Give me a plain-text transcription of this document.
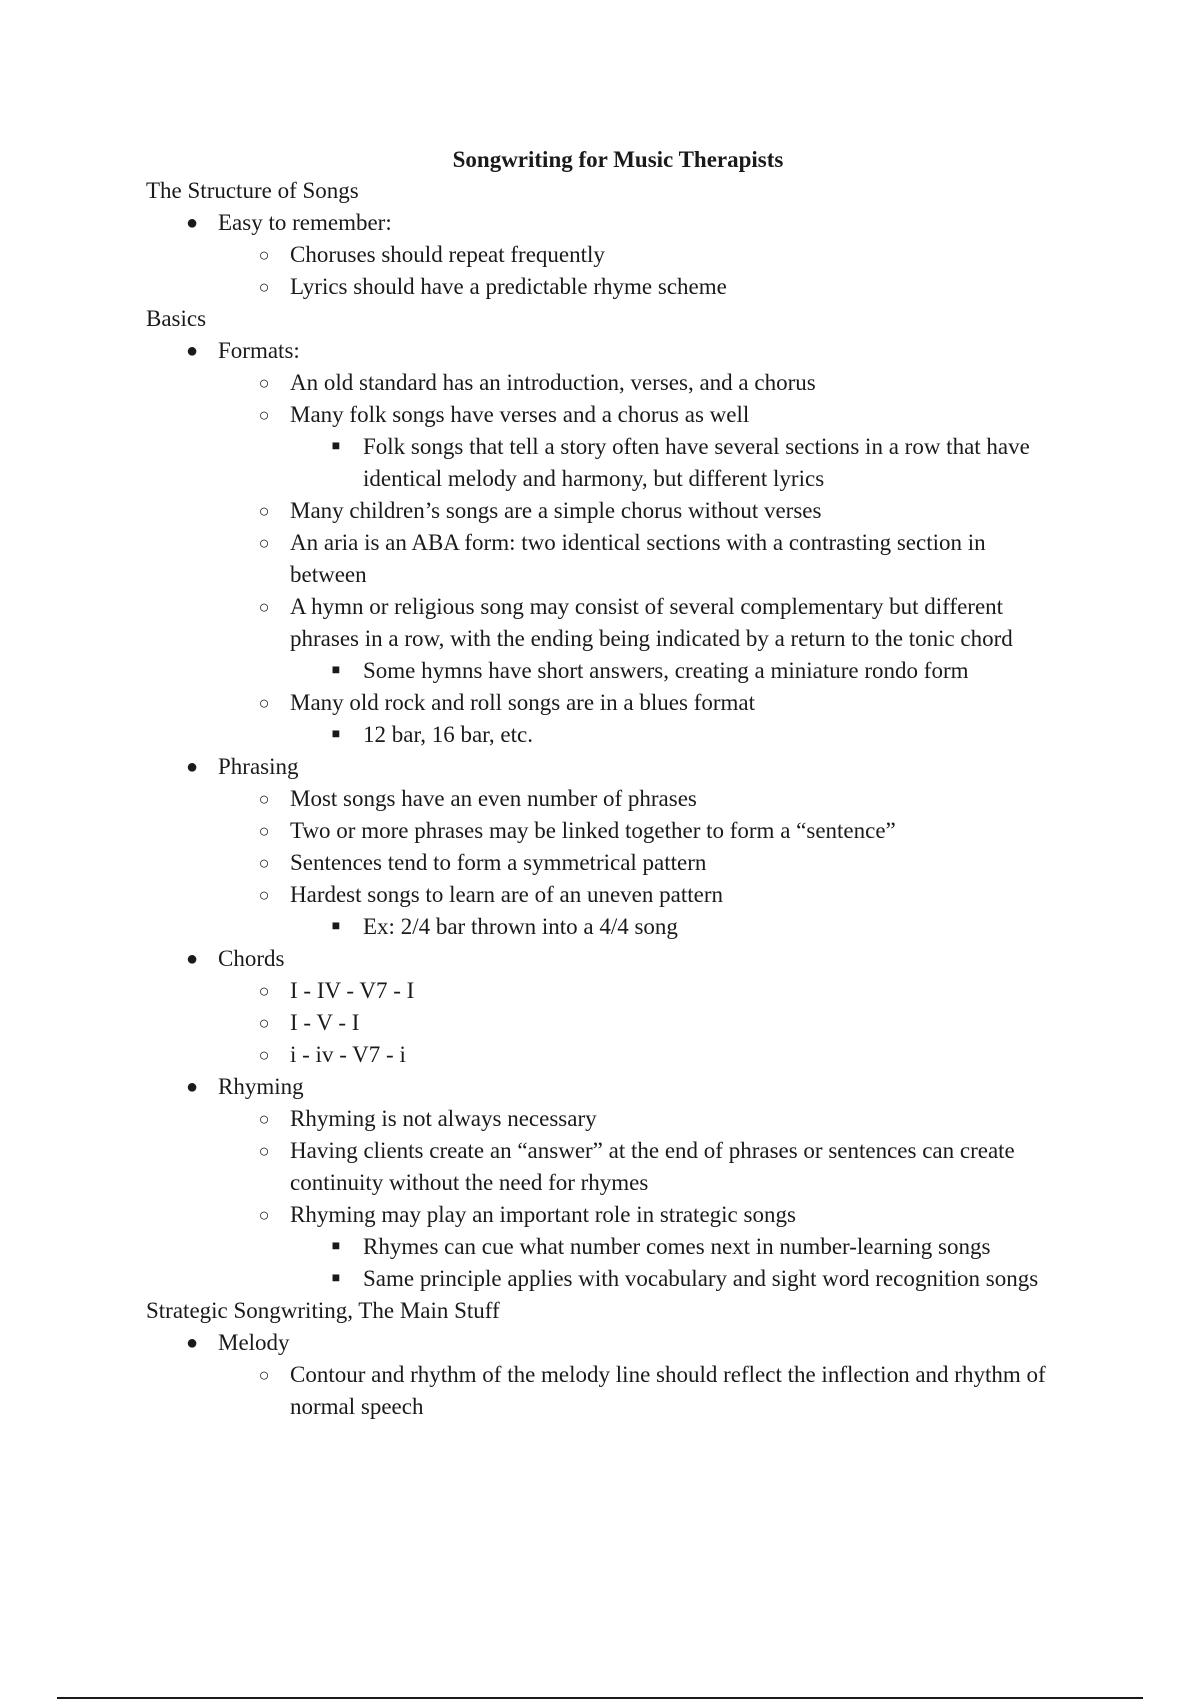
Songwriting for Music Therapists
The Structure of Songs
● Easy to remember:
○ Choruses should repeat frequently
○ Lyrics should have a predictable rhyme scheme
Basics
● Formats:
○ An old standard has an introduction, verses, and a chorus
○ Many folk songs have verses and a chorus as well
■ Folk songs that tell a story often have several sections in a row that have
identical melody and harmony, but different lyrics
○ Many children’s songs are a simple chorus without verses
○ An aria is an ABA form: two identical sections with a contrasting section in
between
○ A hymn or religious song may consist of several complementary but different
phrases in a row, with the ending being indicated by a return to the tonic chord
■ Some hymns have short answers, creating a miniature rondo form
○ Many old rock and roll songs are in a blues format
■ 12 bar, 16 bar, etc.
● Phrasing
○ Most songs have an even number of phrases
○ Two or more phrases may be linked together to form a “sentence”
○ Sentences tend to form a symmetrical pattern
○ Hardest songs to learn are of an uneven pattern
■ Ex: 2/4 bar thrown into a 4/4 song
● Chords
○ I - IV - V7 - I
○ I - V - I
○ i - iv - V7 - i
● Rhyming
○ Rhyming is not always necessary
○ Having clients create an “answer” at the end of phrases or sentences can create
continuity without the need for rhymes
○ Rhyming may play an important role in strategic songs
■ Rhymes can cue what number comes next in number-learning songs
■ Same principle applies with vocabulary and sight word recognition songs
Strategic Songwriting, The Main Stuff
● Melody
○ Contour and rhythm of the melody line should reflect the inflection and rhythm of
normal speech
